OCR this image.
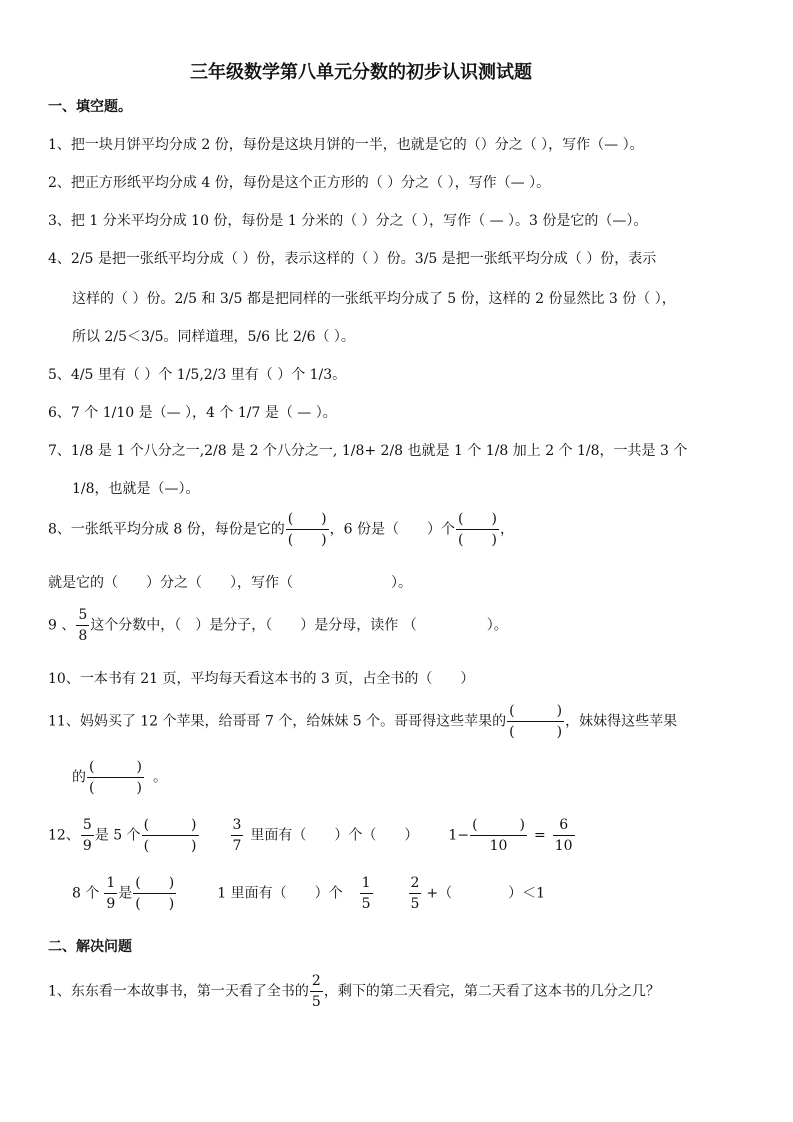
三年级数学第八单元分数的初步认识测试题
一、填空题。
1、把一块月饼平均分成 2 份，每份是这块月饼的一半，也就是它的（）分之（ ），写作（— ）。
2、把正方形纸平均分成 4 份，每份是这个正方形的（ ）分之（ ），写作（— ）。
3、把 1 分米平均分成 10 份，每份是 1 分米的（ ）分之（ ），写作（ — ）。3 份是它的（—）。
4、2/5 是把一张纸平均分成（ ）份，表示这样的（ ）份。3/5 是把一张纸平均分成（ ）份，表示
这样的（ ）份。2/5 和 3/5 都是把同样的一张纸平均分成了 5 份，这样的 2 份显然比 3 份（ ），
所以 2/5＜3/5。同样道理，5/6 比 2/6（ ）。
5、4/5 里有（ ）个 1/5,2/3 里有（ ）个 1/3。
6、7 个 1/10 是（— ），4 个 1/7 是（ — ）。
7、1/8 是 1 个八分之一,2/8 是 2 个八分之一, 1/8+ 2/8 也就是 1 个 1/8 加上 2 个 1/8，一共是 3 个
1/8，也就是（—）。
8、一张纸平均分成 8 份，每份是它的 $\frac{( )}{( )}$ ，6 份是（　　）个 $\frac{( )}{( )}$ ，
就是它的（　　）分之（　　），写作（　　　　　　　）。
9 、 $\frac{5}{8}$ 这个分数中，（　）是分子，（　　）是分母，读作 （　　　　　）。
10、一本书有 21 页，平均每天看这本书的 3 页，占全书的（　　）
11、妈妈买了 12 个苹果，给哥哥 7 个，给妹妹 5 个。哥哥得这些苹果的 $\frac{( )}{( )}$ ，妹妹得这些苹果
的 $\frac{( )}{( )}$ 。
12、 $\frac{5}{9}$ 是 5 个 $\frac{( )}{( )} \frac{3}{7}$ 里面有（　　）个（　　） $1- \frac{( )}{10} = \frac{6}{10}$
8 个 $\frac{1}{9}$ 是 $\frac{( )}{( )}$	1 里面有（　　）个 $\frac{1}{5}$	$\frac{2}{5}$ +（　　　　）＜1
二、解决问题
1、东东看一本故事书，第一天看了全书的 $\frac{2}{5}$ ，剩下的第二天看完，第二天看了这本书的几分之几？
